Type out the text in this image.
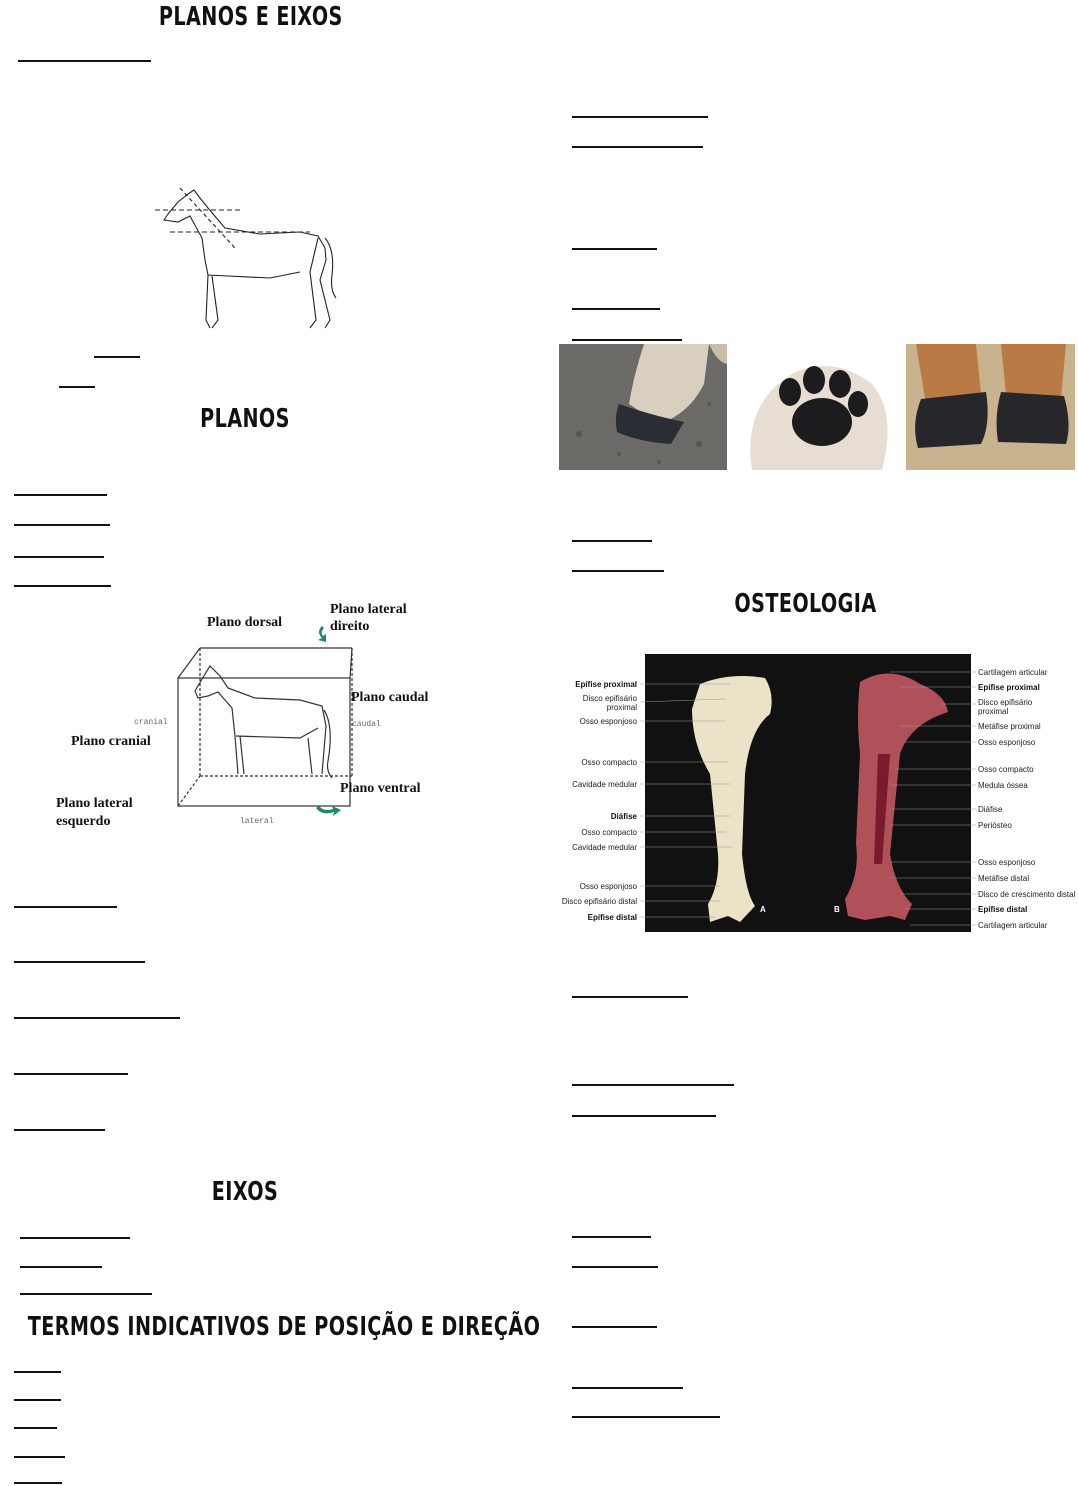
PLANOS E EIXOS
PLANOS
Plano dorsal
Plano lateral
direito
Plano caudal
Plano cranial
Plano ventral
Plano lateral
esquerdo
cranial	caudal
lateral
EIXOS
TERMOS INDICATIVOS DE POSIÇÃO E DIREÇÃO
OSTEOLOGIA
Epífise proximal
Disco epifisário
proximal
Osso esponjoso
Osso compacto
Cavidade medular
Diáfise
Osso compacto
Cavidade medular
Osso esponjoso
Disco epifisário distal
Epífise distal
Cartilagem articular
Epífise proximal
Disco epifisário
proximal
Metáfise proximal
Osso esponjoso
Osso compacto
Medula óssea
Diáfise
Periósteo
Osso esponjoso
Metáfise distal
Disco de crescimento distal
Epífise distal
Cartilagem articular
A	B
